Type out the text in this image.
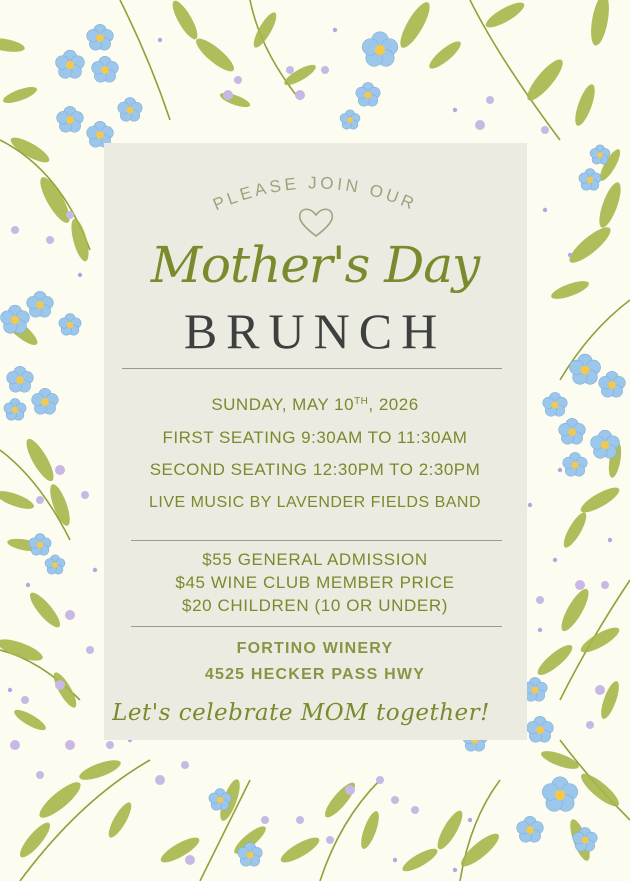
PLEASE JOIN OUR
Mother's Day
BRUNCH
SUNDAY, MAY 10TH, 2026
FIRST SEATING 9:30AM TO 11:30AM
SECOND SEATING 12:30PM TO 2:30PM
LIVE MUSIC BY LAVENDER FIELDS BAND
$55 GENERAL ADMISSION
$45 WINE CLUB MEMBER PRICE
$20 CHILDREN (10 OR UNDER)
FORTINO WINERY
4525 HECKER PASS HWY
Let's celebrate MOM together!
